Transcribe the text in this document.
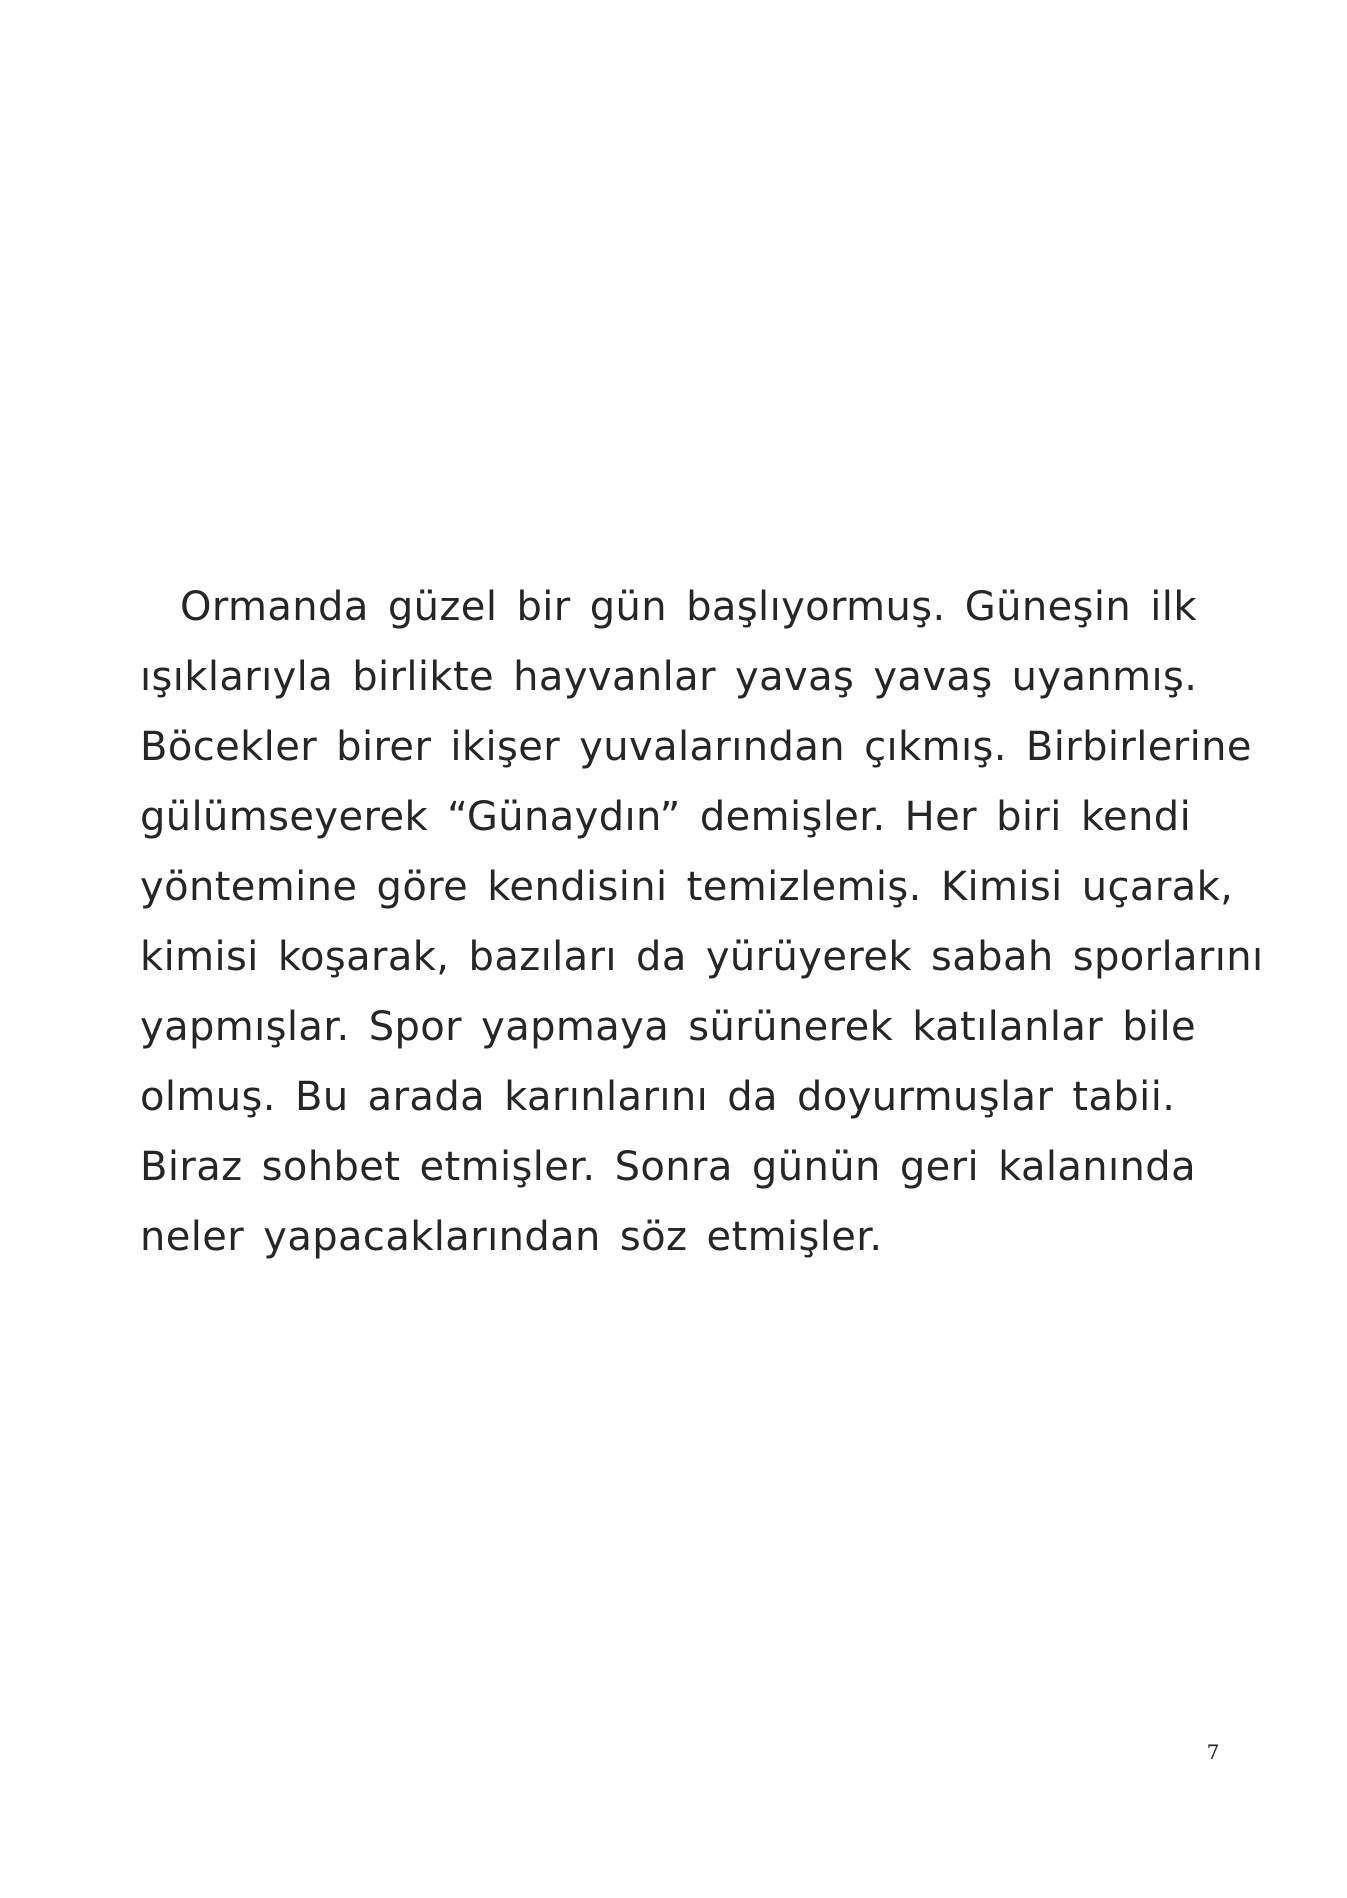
Ormanda güzel bir gün başlıyormuş. Güneşin ilk
ışıklarıyla birlikte hayvanlar yavaş yavaş uyanmış.
Böcekler birer ikişer yuvalarından çıkmış. Birbirlerine
gülümseyerek “Günaydın” demişler. Her biri kendi
yöntemine göre kendisini temizlemiş. Kimisi uçarak,
kimisi koşarak, bazıları da yürüyerek sabah sporlarını
yapmışlar. Spor yapmaya sürünerek katılanlar bile
olmuş. Bu arada karınlarını da doyurmuşlar tabii.
Biraz sohbet etmişler. Sonra günün geri kalanında
neler yapacaklarından söz etmişler.
7
